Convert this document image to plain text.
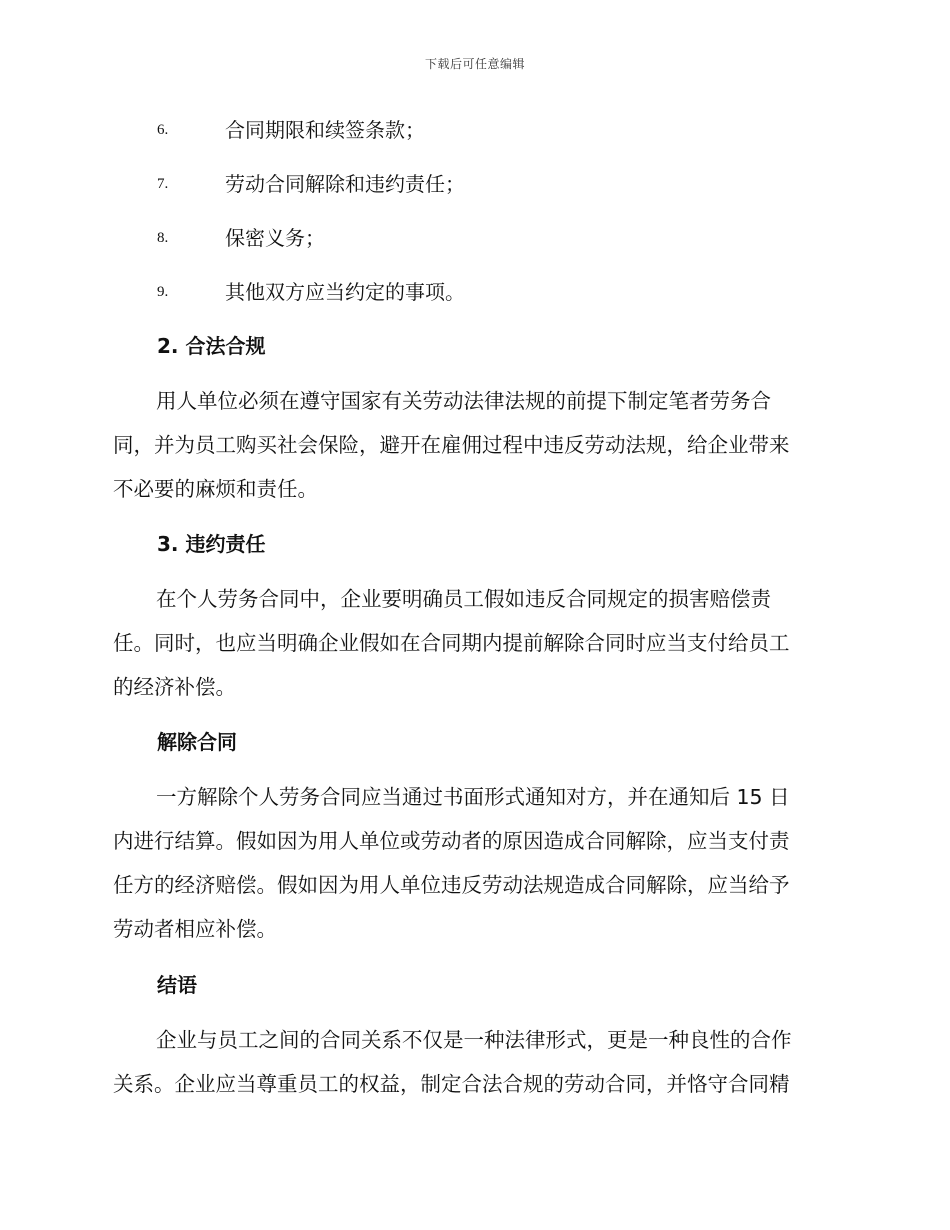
下载后可任意编辑
6.	合同期限和续签条款；
7.	劳动合同解除和违约责任；
8.	保密义务；
9.	其他双方应当约定的事项。
2. 合法合规
用人单位必须在遵守国家有关劳动法律法规的前提下制定笔者劳务合
同，并为员工购买社会保险，避开在雇佣过程中违反劳动法规，给企业带来
不必要的麻烦和责任。
3. 违约责任
在个人劳务合同中，企业要明确员工假如违反合同规定的损害赔偿责
任。同时，也应当明确企业假如在合同期内提前解除合同时应当支付给员工
的经济补偿。
解除合同
一方解除个人劳务合同应当通过书面形式通知对方，并在通知后 15 日
内进行结算。假如因为用人单位或劳动者的原因造成合同解除，应当支付责
任方的经济赔偿。假如因为用人单位违反劳动法规造成合同解除，应当给予
劳动者相应补偿。
结语
企业与员工之间的合同关系不仅是一种法律形式，更是一种良性的合作
关系。企业应当尊重员工的权益，制定合法合规的劳动合同，并恪守合同精
